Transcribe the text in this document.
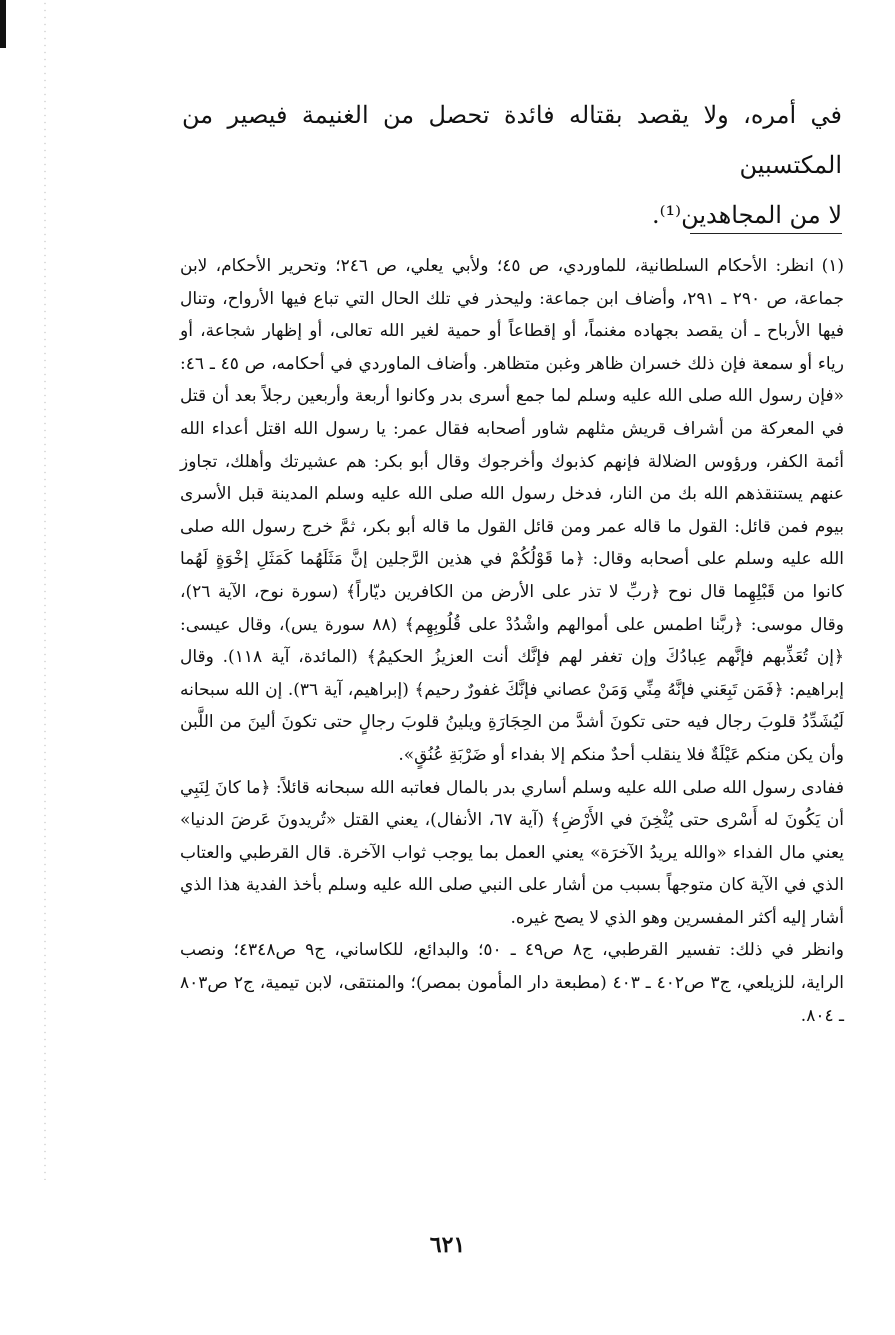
في أمره، ولا يقصد بقتاله فائدة تحصل من الغنيمة فيصير من المكتسبين
لا من المجاهدين⁽¹⁾.

(١)انظر: الأحكام السلطانية، للماوردي، ص ٤٥؛ ولأبي يعلي، ص ٢٤٦؛ وتحرير الأحكام، لابن جماعة، ص ٢٩٠ ـ ٢٩١، وأضاف ابن جماعة: وليحذر في تلك الحال التي تباع فيها الأرواح، وتنال فيها الأرباح ـ أن يقصد بجهاده مغنماً، أو إقطاعاً أو حمية لغير الله تعالى، أو إظهار شجاعة، أو رياء أو سمعة فإن ذلك خسران ظاهر وغبن متظاهر. وأضاف الماوردي في أحكامه، ص ٤٥ ـ ٤٦: «فإن رسول الله صلى الله عليه وسلم لما جمع أسرى بدر وكانوا أربعة وأربعين رجلاً بعد أن قتل في المعركة من أشراف قريش مثلهم شاور أصحابه فقال عمر: يا رسول الله اقتل أعداء الله أئمة الكفر، ورؤوس الضلالة فإنهم كذبوك وأخرجوك وقال أبو بكر: هم عشيرتك وأهلك، تجاوز عنهم يستنقذهم الله بك من النار، فدخل رسول الله صلى الله عليه وسلم المدينة قبل الأسرى بيوم فمن قائل: القول ما قاله عمر ومن قائل القول ما قاله أبو بكر، ثمَّ خرج رسول الله صلى الله عليه وسلم على أصحابه وقال: ﴿ما قَوْلُكُمْ في هذين الرَّجلين إنَّ مَثَلَهُما كَمَثَلِ إخْوَةٍ لَهُما كانوا من قَبْلِهِما قال نوح ﴿ربِّ لا تذر على الأرض من الكافرين ديّاراً﴾ (سورة نوح، الآية ٢٦)، وقال موسى: ﴿ربَّنا اطمس على أموالهم واشْدُدْ على قُلُوبِهِم﴾ (٨٨ سورة يس)، وقال عيسى: ﴿إن تُعَذِّبهم فإنَّهم عِبادُكَ وإن تغفر لهم فإنَّك أنت العزيزُ الحكيمُ﴾ (المائدة، آية ١١٨). وقال إبراهيم: ﴿فَمَن تَبِعَني فإنَّهُ مِنِّي وَمَنْ عصاني فإنَّكَ غفورٌ رحيم﴾ (إبراهيم، آية ٣٦). إن الله سبحانه لَيُشَدِّدُ قلوبَ رجال فيه حتى تكونَ أشدَّ من الحِجَارَةِ ويلينُ قلوبَ رجالٍ حتى تكونَ ألينَ من اللَّبن وأن يكن منكم عَيْلَةٌ فلا ينقلب أحدٌ منكم إلا بفداء أو ضَرْبَةِ عُنُقٍ».

ففادى رسول الله صلى الله عليه وسلم أساري بدر بالمال فعاتبه الله سبحانه قائلاً: ﴿ما كانَ لِنَبِي أن يَكُونَ له أَسْرى حتى يُثْخِنَ في الأَرْضِ﴾ (آية ٦٧، الأنفال)، يعني القتل «تُريدونَ عَرضَ الدنيا» يعني مال الفداء «والله يريدُ الآخرَة» يعني العمل بما يوجب ثواب الآخرة. قال القرطبي والعتاب الذي في الآية كان متوجهاً بسبب من أشار على النبي صلى الله عليه وسلم بأخذ الفدية هذا الذي أشار إليه أكثر المفسرين وهو الذي لا يصح غيره.

وانظر في ذلك: تفسير القرطبي، ج٨ ص٤٩ ـ ٥٠؛ والبدائع، للكاساني، ج٩ ص٤٣٤٨؛ ونصب الراية، للزيلعي، ج٣ ص٤٠٢ ـ ٤٠٣ (مطبعة دار المأمون بمصر)؛ والمنتقى، لابن تيمية، ج٢ ص٨٠٣ ـ ٨٠٤.

٦٢١
